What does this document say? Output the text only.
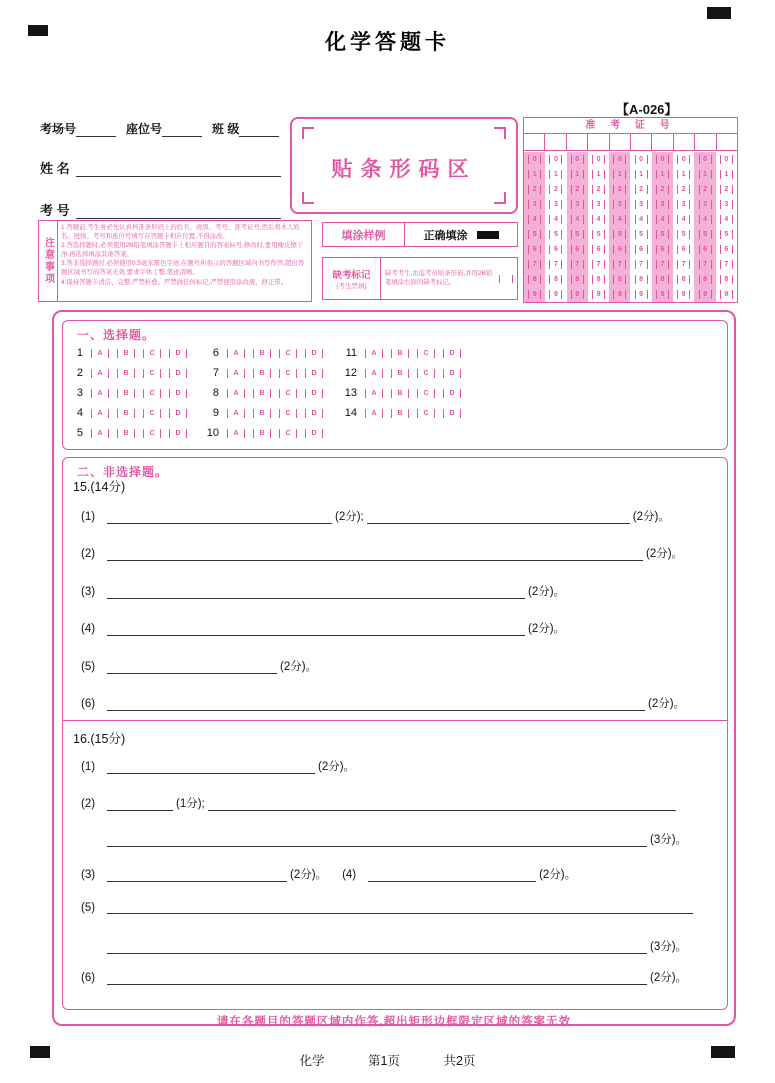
化学答题卡
【A-026】
考场号	座位号	班 级
姓 名
考 号
注意事项
1.答题前,考生务必先认真核准条形码上的姓名、班级、考号、准考证号,然后将本人姓名、班级、考号和座位号填写在答题卡相应位置,不得涂改。
2.答选择题时,必须使用2B铅笔填涂答题卡上相应题目的答案标号,修改时,要用橡皮擦干净,再选择填涂其他答案。
3.答非选择题时,必须使用0.5毫米黑色字迹,在题号所指示的答题区域内书写作答,超出答题区域书写的答案无效,要求字体工整,笔迹清晰。
4.保持答题卡清洁、完整,严禁折叠、严禁做任何标记,严禁使用涂改液、修正带。
贴条形码区
填涂样例	正确填涂
缺考标记
(考生禁填)
缺考考生,由监考员贴条形码,并用2B铅笔填涂右面的缺考标记。
准 考 证 号
0	0	0	0	0	0	0	0	0	0
1	1	1	1	1	1	1	1	1	1
2	2	2	2	2	2	2	2	2	2
3	3	3	3	3	3	3	3	3	3
4	4	4	4	4	4	4	4	4	4
5	5	5	5	5	5	5	5	5	5
6	6	6	6	6	6	6	6	6	6
7	7	7	7	7	7	7	7	7	7
8	8	8	8	8	8	8	8	8	8
9	9	9	9	9	9	9	9	9	9
一、选择题。
1	A	B	C	D
2	A	B	C	D
3	A	B	C	D
4	A	B	C	D
5	A	B	C	D
6	A	B	C	D
7	A	B	C	D
8	A	B	C	D
9	A	B	C	D
10	A	B	C	D
11	A	B	C	D
12	A	B	C	D
13	A	B	C	D
14	A	B	C	D
二、非选择题。
15.(14分)
(1)	(2分);	(2分)。
(2)	(2分)。
(3)	(2分)。
(4)	(2分)。
(5)	(2分)。
(6)	(2分)。
16.(15分)
(1)	(2分)。
(2)	(1分);
(3分)。
(3)	(2分)。 (4)	(2分)。
(5)
(3分)。
(6)	(2分)。
请在各题目的答题区域内作答,超出矩形边框限定区域的答案无效
化学	第1页	共2页
